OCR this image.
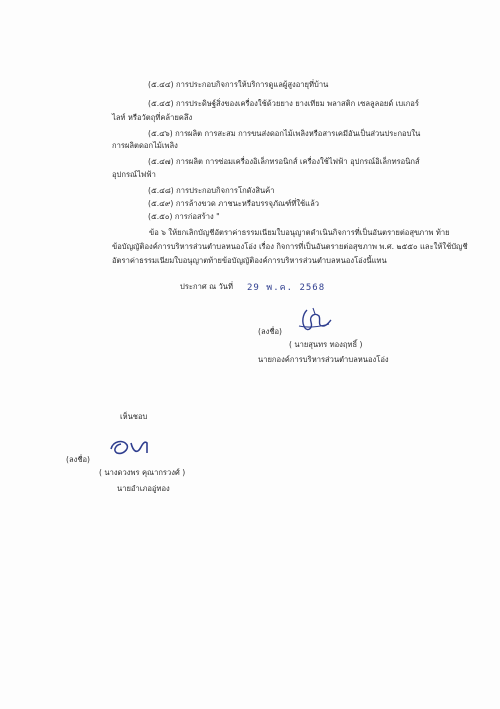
(๕.๔๔) การประกอบกิจการให้บริการดูแลผู้สูงอายุที่บ้าน
(๕.๔๕) การประดิษฐ์สิ่งของเครื่องใช้ด้วยยาง ยางเทียม พลาสติก เซลลูลอยด์ เบเกอร์
ไลท์ หรือวัตถุที่คล้ายคลึง
(๕.๔๖) การผลิต การสะสม การขนส่งดอกไม้เพลิงหรือสารเคมีอันเป็นส่วนประกอบใน
การผลิตดอกไม้เพลิง
(๕.๔๗) การผลิต การซ่อมเครื่องอิเล็กทรอนิกส์ เครื่องใช้ไฟฟ้า อุปกรณ์อิเล็กทรอนิกส์
อุปกรณ์ไฟฟ้า
(๕.๔๘) การประกอบกิจการโกดังสินค้า
(๕.๔๙) การล้างขวด ภาชนะหรือบรรจุภัณฑ์ที่ใช้แล้ว
(๕.๕๐) การก่อสร้าง "
ข้อ ๖ ให้ยกเลิกบัญชีอัตราค่าธรรมเนียมใบอนุญาตดำเนินกิจการที่เป็นอันตรายต่อสุขภาพ ท้าย
ข้อบัญญัติองค์การบริหารส่วนตำบลหนองโอ่ง เรื่อง กิจการที่เป็นอันตรายต่อสุขภาพ พ.ศ. ๒๕๕๐ และให้ใช้บัญชี
อัตราค่าธรรมเนียมใบอนุญาตท้ายข้อบัญญัติองค์การบริหารส่วนตำบลหนองโอ่งนี้แทน
ประกาศ ณ วันที่ 29 พ.ค. 2568
(ลงชื่อ)
( นายสุนทร ทองฤทธิ์ )
นายกองค์การบริหารส่วนตำบลหนองโอ่ง
เห็นชอบ
(ลงชื่อ)
( นางดวงพร คุณากรวงศ์ )
นายอำเภออู่ทอง
